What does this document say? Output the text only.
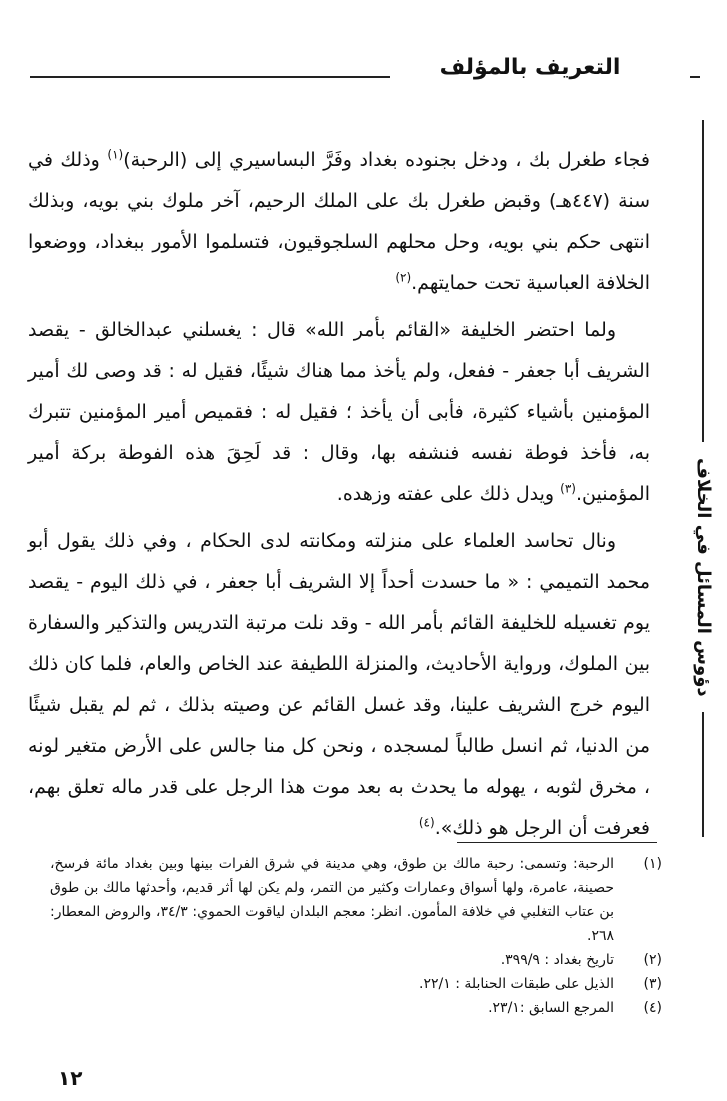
التعريف بالمؤلف
دؤوس المسائل في الخلاف

فجاء طغرل بك ، ودخل بجنوده بغداد وفَرَّ البساسيري إلى (الرحبة)$^{(١)}$ وذلك في سنة (٤٤٧هـ) وقبض طغرل بك على الملك الرحيم، آخر ملوك بني بويه، وبذلك انتهى حكم بني بويه، وحل محلهم السلجوقيون، فتسلموا الأمور ببغداد، ووضعوا الخلافة العباسية تحت حمايتهم.$^{(٢)}$

ولما احتضر الخليفة «القائم بأمر الله» قال : يغسلني عبدالخالق - يقصد الشريف أبا جعفر - ففعل، ولم يأخذ مما هناك شيئًا، فقيل له : قد وصى لك أمير المؤمنين بأشياء كثيرة، فأبى أن يأخذ ؛ فقيل له : فقميص أمير المؤمنين تتبرك به، فأخذ فوطة نفسه فنشفه بها، وقال : قد لَحِقَ هذه الفوطة بركة أمير المؤمنين.$^{(٣)}$ ويدل ذلك على عفته وزهده.

ونال تحاسد العلماء على منزلته ومكانته لدى الحكام ، وفي ذلك يقول أبو محمد التميمي : « ما حسدت أحداً إلا الشريف أبا جعفر ، في ذلك اليوم - يقصد يوم تغسيله للخليفة القائم بأمر الله - وقد نلت مرتبة التدريس والتذكير والسفارة بين الملوك، ورواية الأحاديث، والمنزلة اللطيفة عند الخاص والعام، فلما كان ذلك اليوم خرج الشريف علينا، وقد غسل القائم عن وصيته بذلك ، ثم لم يقبل شيئًا من الدنيا، ثم انسل طالباً لمسجده ، ونحن كل منا جالس على الأرض متغير لونه ، مخرق لثوبه ، يهوله ما يحدث به بعد موت هذا الرجل على قدر ماله تعلق بهم، فعرفت أن الرجل هو ذلك».$^{(٤)}$

(١)
الرحبة: وتسمى: رحبة مالك بن طوق، وهي مدينة في شرق الفرات بينها وبين بغداد مائة فرسخ، حصينة، عامرة، ولها أسواق وعمارات وكثير من التمر، ولم يكن لها أثر قديم، وأحدثها مالك بن طوق بن عتاب التغلبي في خلافة المأمون. انظر: معجم البلدان لياقوت الحموي: ٣٤/٣، والروض المعطار: ٢٦٨.
(٢)
تاريخ بغداد : ٣٩٩/٩.
(٣)
الذيل على طبقات الحنابلة : ٢٢/١.
(٤)
المرجع السابق :٢٣/١.
١٢
